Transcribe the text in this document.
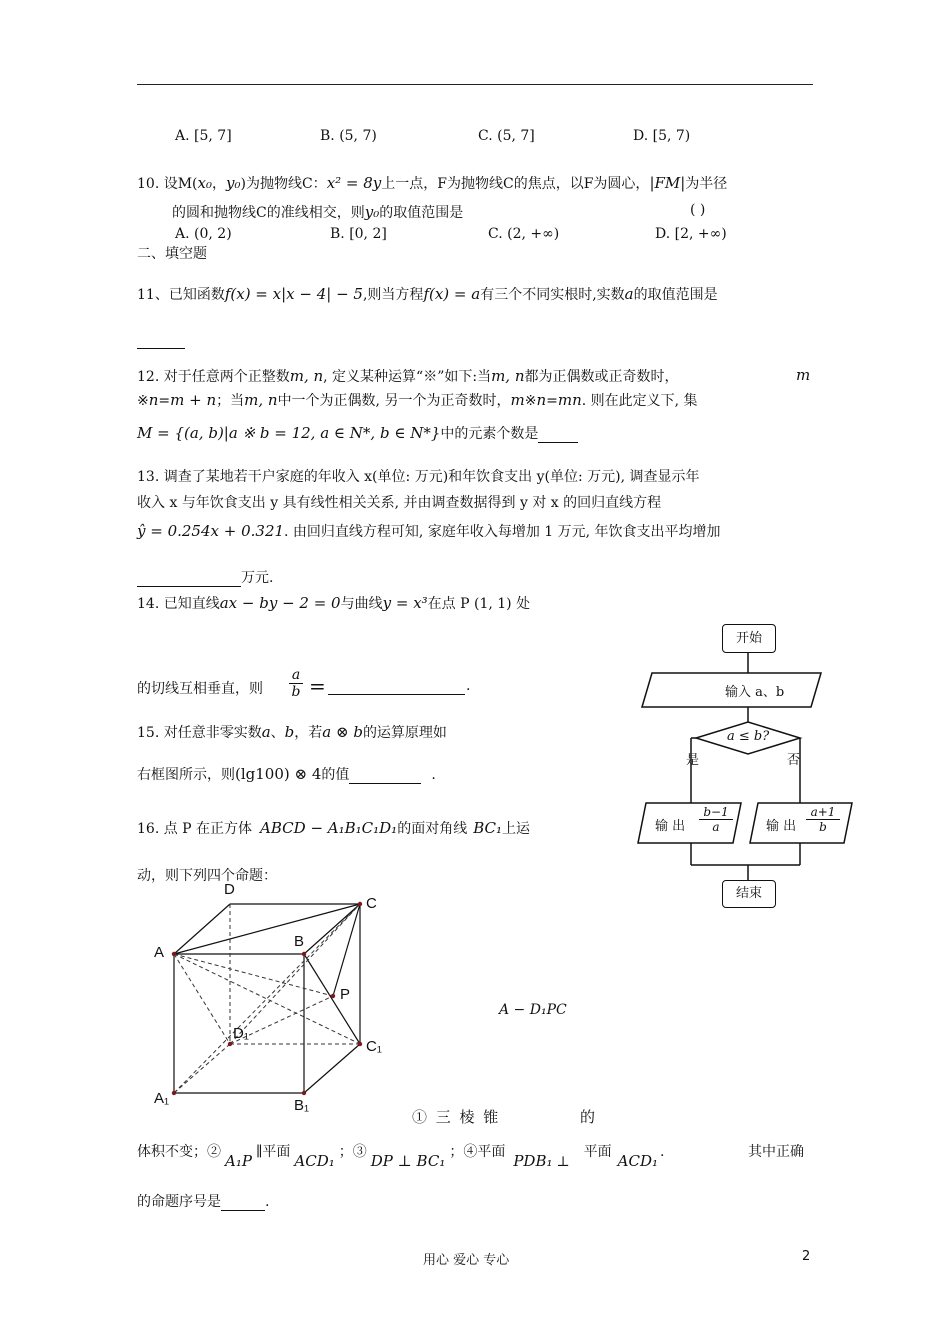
A. [5, 7]	B. (5, 7)	C. (5, 7]	D. [5, 7)
10. 设M(x₀，y₀)为抛物线C：x² = 8y上一点，F为抛物线C的焦点，以F为圆心，|FM|为半径
的圆和抛物线C的准线相交，则y₀的取值范围是	( )
A. (0, 2)	B. [0, 2]	C. (2, +∞)	D. [2, +∞)
二、填空题
11、已知函数f(x) = x|x − 4| − 5,则当方程f(x) = a有三个不同实根时,实数a的取值范围是
12. 对于任意两个正整数m, n, 定义某种运算“※”如下:当m, n都为正偶数或正奇数时，	m
※n=m + n；当m, n中一个为正偶数, 另一个为正奇数时，m※n=mn. 则在此定义下, 集
M = {(a, b)|a ※ b = 12, a ∈ N*, b ∈ N*}中的元素个数是
13. 调查了某地若干户家庭的年收入 x(单位: 万元)和年饮食支出 y(单位: 万元), 调查显示年
收入 x 与年饮食支出 y 具有线性相关关系, 并由调查数据得到 y 对 x 的回归直线方程
ŷ = 0.254x + 0.321. 由回归直线方程可知, 家庭年收入每增加 1 万元, 年饮食支出平均增加
万元.
14. 已知直线ax − by − 2 = 0与曲线y = x³在点 P (1, 1) 处
的切线互相垂直，则
a
b =	.
15. 对任意非零实数a、b，若a ⊗ b的运算原理如
右框图所示，则(lg100) ⊗ 4的值	.
开始
输入 a、b
a ≤ b?
是	否
输 出
b−1
a	输 出
a+1
b
结束
16. 点 P 在正方体 ABCD − A₁B₁C₁D₁的面对角线 BC₁上运
动，则下列四个命题：
D
C
A
B
P
D₁
C₁
A₁	B₁
A − D₁PC
① 三 棱 锥	的
体积不变；② A₁P ∥平面 ACD₁ ；③ DP ⊥ BC₁ ；④平面 PDB₁ ⊥平面 ACD₁ .	其中正确
的命题序号是	.
用心 爱心 专心	2
